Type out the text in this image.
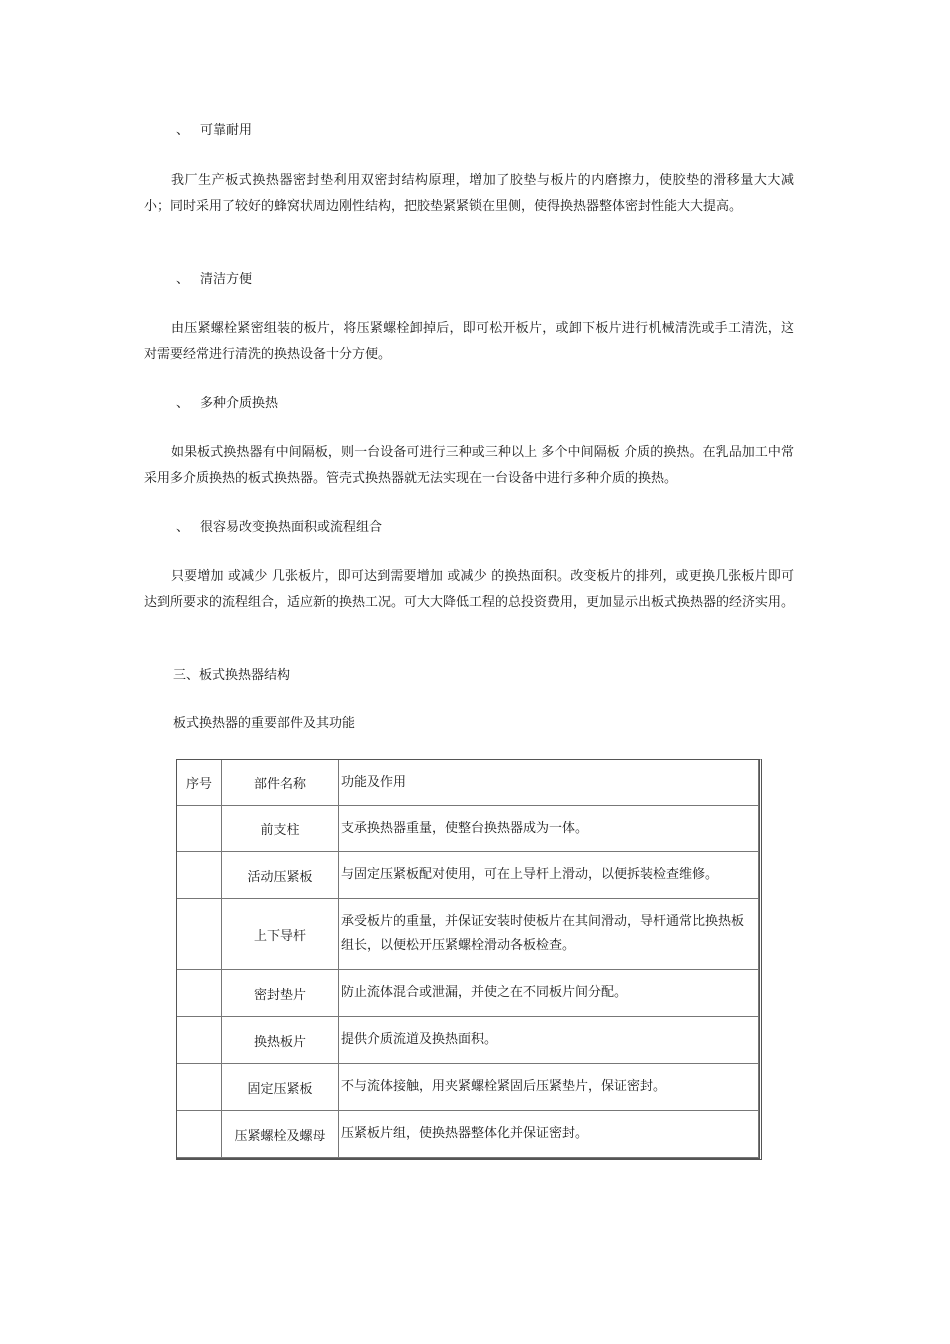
、 可靠耐用
我厂生产板式换热器密封垫利用双密封结构原理，增加了胶垫与板片的内磨擦力，使胶垫的滑移量大大减小；同时采用了较好的蜂窝状周边刚性结构，把胶垫紧紧锁在里侧，使得换热器整体密封性能大大提高。
、 清洁方便
由压紧螺栓紧密组装的板片，将压紧螺栓卸掉后，即可松开板片，或卸下板片进行机械清洗或手工清洗，这对需要经常进行清洗的换热设备十分方便。
、 多种介质换热
如果板式换热器有中间隔板，则一台设备可进行三种或三种以上 多个中间隔板 介质的换热。在乳品加工中常采用多介质换热的板式换热器。管壳式换热器就无法实现在一台设备中进行多种介质的换热。
、 很容易改变换热面积或流程组合
只要增加 或减少 几张板片，即可达到需要增加 或减少 的换热面积。改变板片的排列，或更换几张板片即可达到所要求的流程组合，适应新的换热工况。可大大降低工程的总投资费用，更加显示出板式换热器的经济实用。
三、板式换热器结构
板式换热器的重要部件及其功能
序号	部件名称	功能及作用
	前支柱	支承换热器重量，使整台换热器成为一体。
	活动压紧板	与固定压紧板配对使用，可在上导杆上滑动，以便拆装检查维修。
	上下导杆	承受板片的重量，并保证安装时使板片在其间滑动，导杆通常比换热板组长，以便松开压紧螺栓滑动各板检查。
	密封垫片	防止流体混合或泄漏，并使之在不同板片间分配。
	换热板片	提供介质流道及换热面积。
	固定压紧板	不与流体接触，用夹紧螺栓紧固后压紧垫片，保证密封。
	压紧螺栓及螺母	压紧板片组，使换热器整体化并保证密封。
